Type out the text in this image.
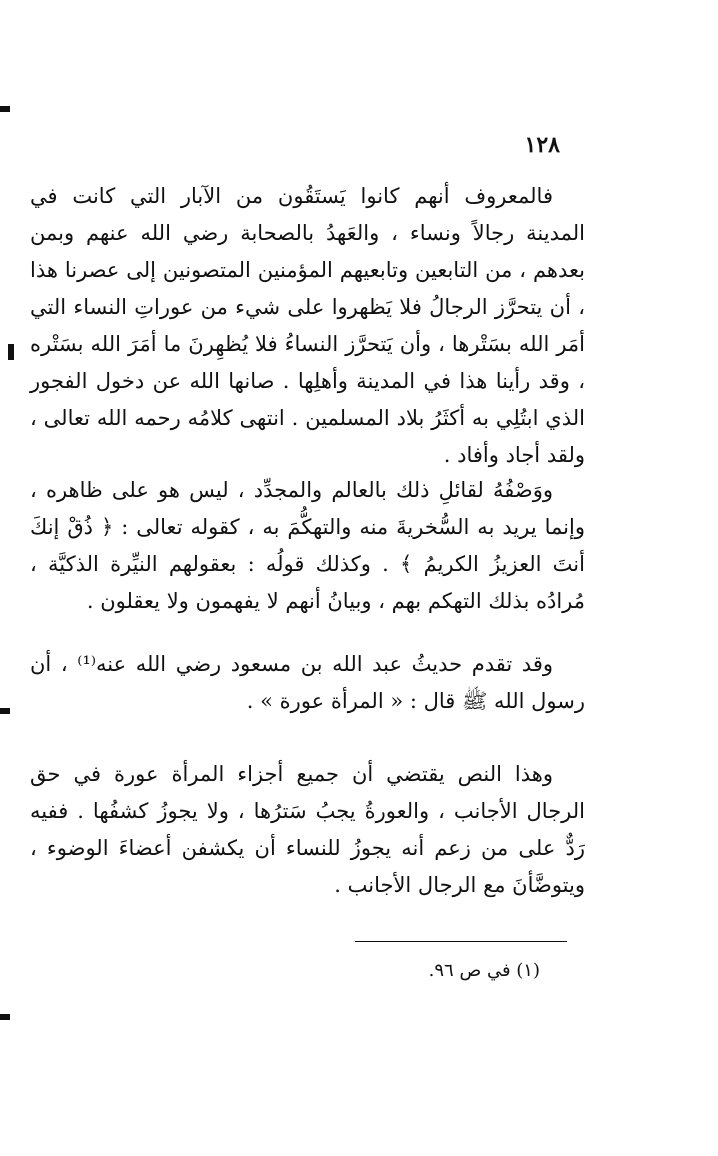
١٢٨

فالمعروف أنهم كانوا يَستَقُون من الآبار التي كانت في المدينة رجالاً ونساء ، والعَهدُ بالصحابة رضي الله عنهم وبمن بعدهم ، من التابعين وتابعيهم المؤمنين المتصونين إلى عصرنا هذا ، أن يتحرَّز الرجالُ فلا يَظهروا على شيء من عوراتِ النساء التي أمَر الله بسَتْرها ، وأن يَتحرَّز النساءُ فلا يُظهِرنَ ما أمَرَ الله بسَتْره ، وقد رأينا هذا في المدينة وأهلِها . صانها الله عن دخول الفجور الذي ابتُلِي به أكثَرُ بلاد المسلمين . انتهى كلامُه رحمه الله تعالى ، ولقد أجاد وأفاد .

ووَصْفُهُ لقائلِ ذلك بالعالم والمجدِّد ، ليس هو على ظاهره ، وإنما يريد به السُّخريةَ منه والتهكُّمَ به ، كقوله تعالى : ﴿ ذُقْ إنكَ أنتَ العزيزُ الكريمُ ﴾ . وكذلك قولُه : بعقولهم النيِّرة الذكيَّة ، مُرادُه بذلك التهكم بهم ، وبيانُ أنهم لا يفهمون ولا يعقلون .

وقد تقدم حديثُ عبد الله بن مسعود رضي الله عنه⁽¹⁾ ، أن رسول الله ﷺ قال : « المرأة عورة » .

وهذا النص يقتضي أن جميع أجزاء المرأة عورة في حق الرجال الأجانب ، والعورةُ يجبُ سَترُها ، ولا يجوزُ كشفُها . ففيه رَدٌّ على من زعم أنه يجوزُ للنساء أن يكشفن أعضاءَ الوضوء ، ويتوضَّأنَ مع الرجال الأجانب .

(١) في ص ٩٦.
